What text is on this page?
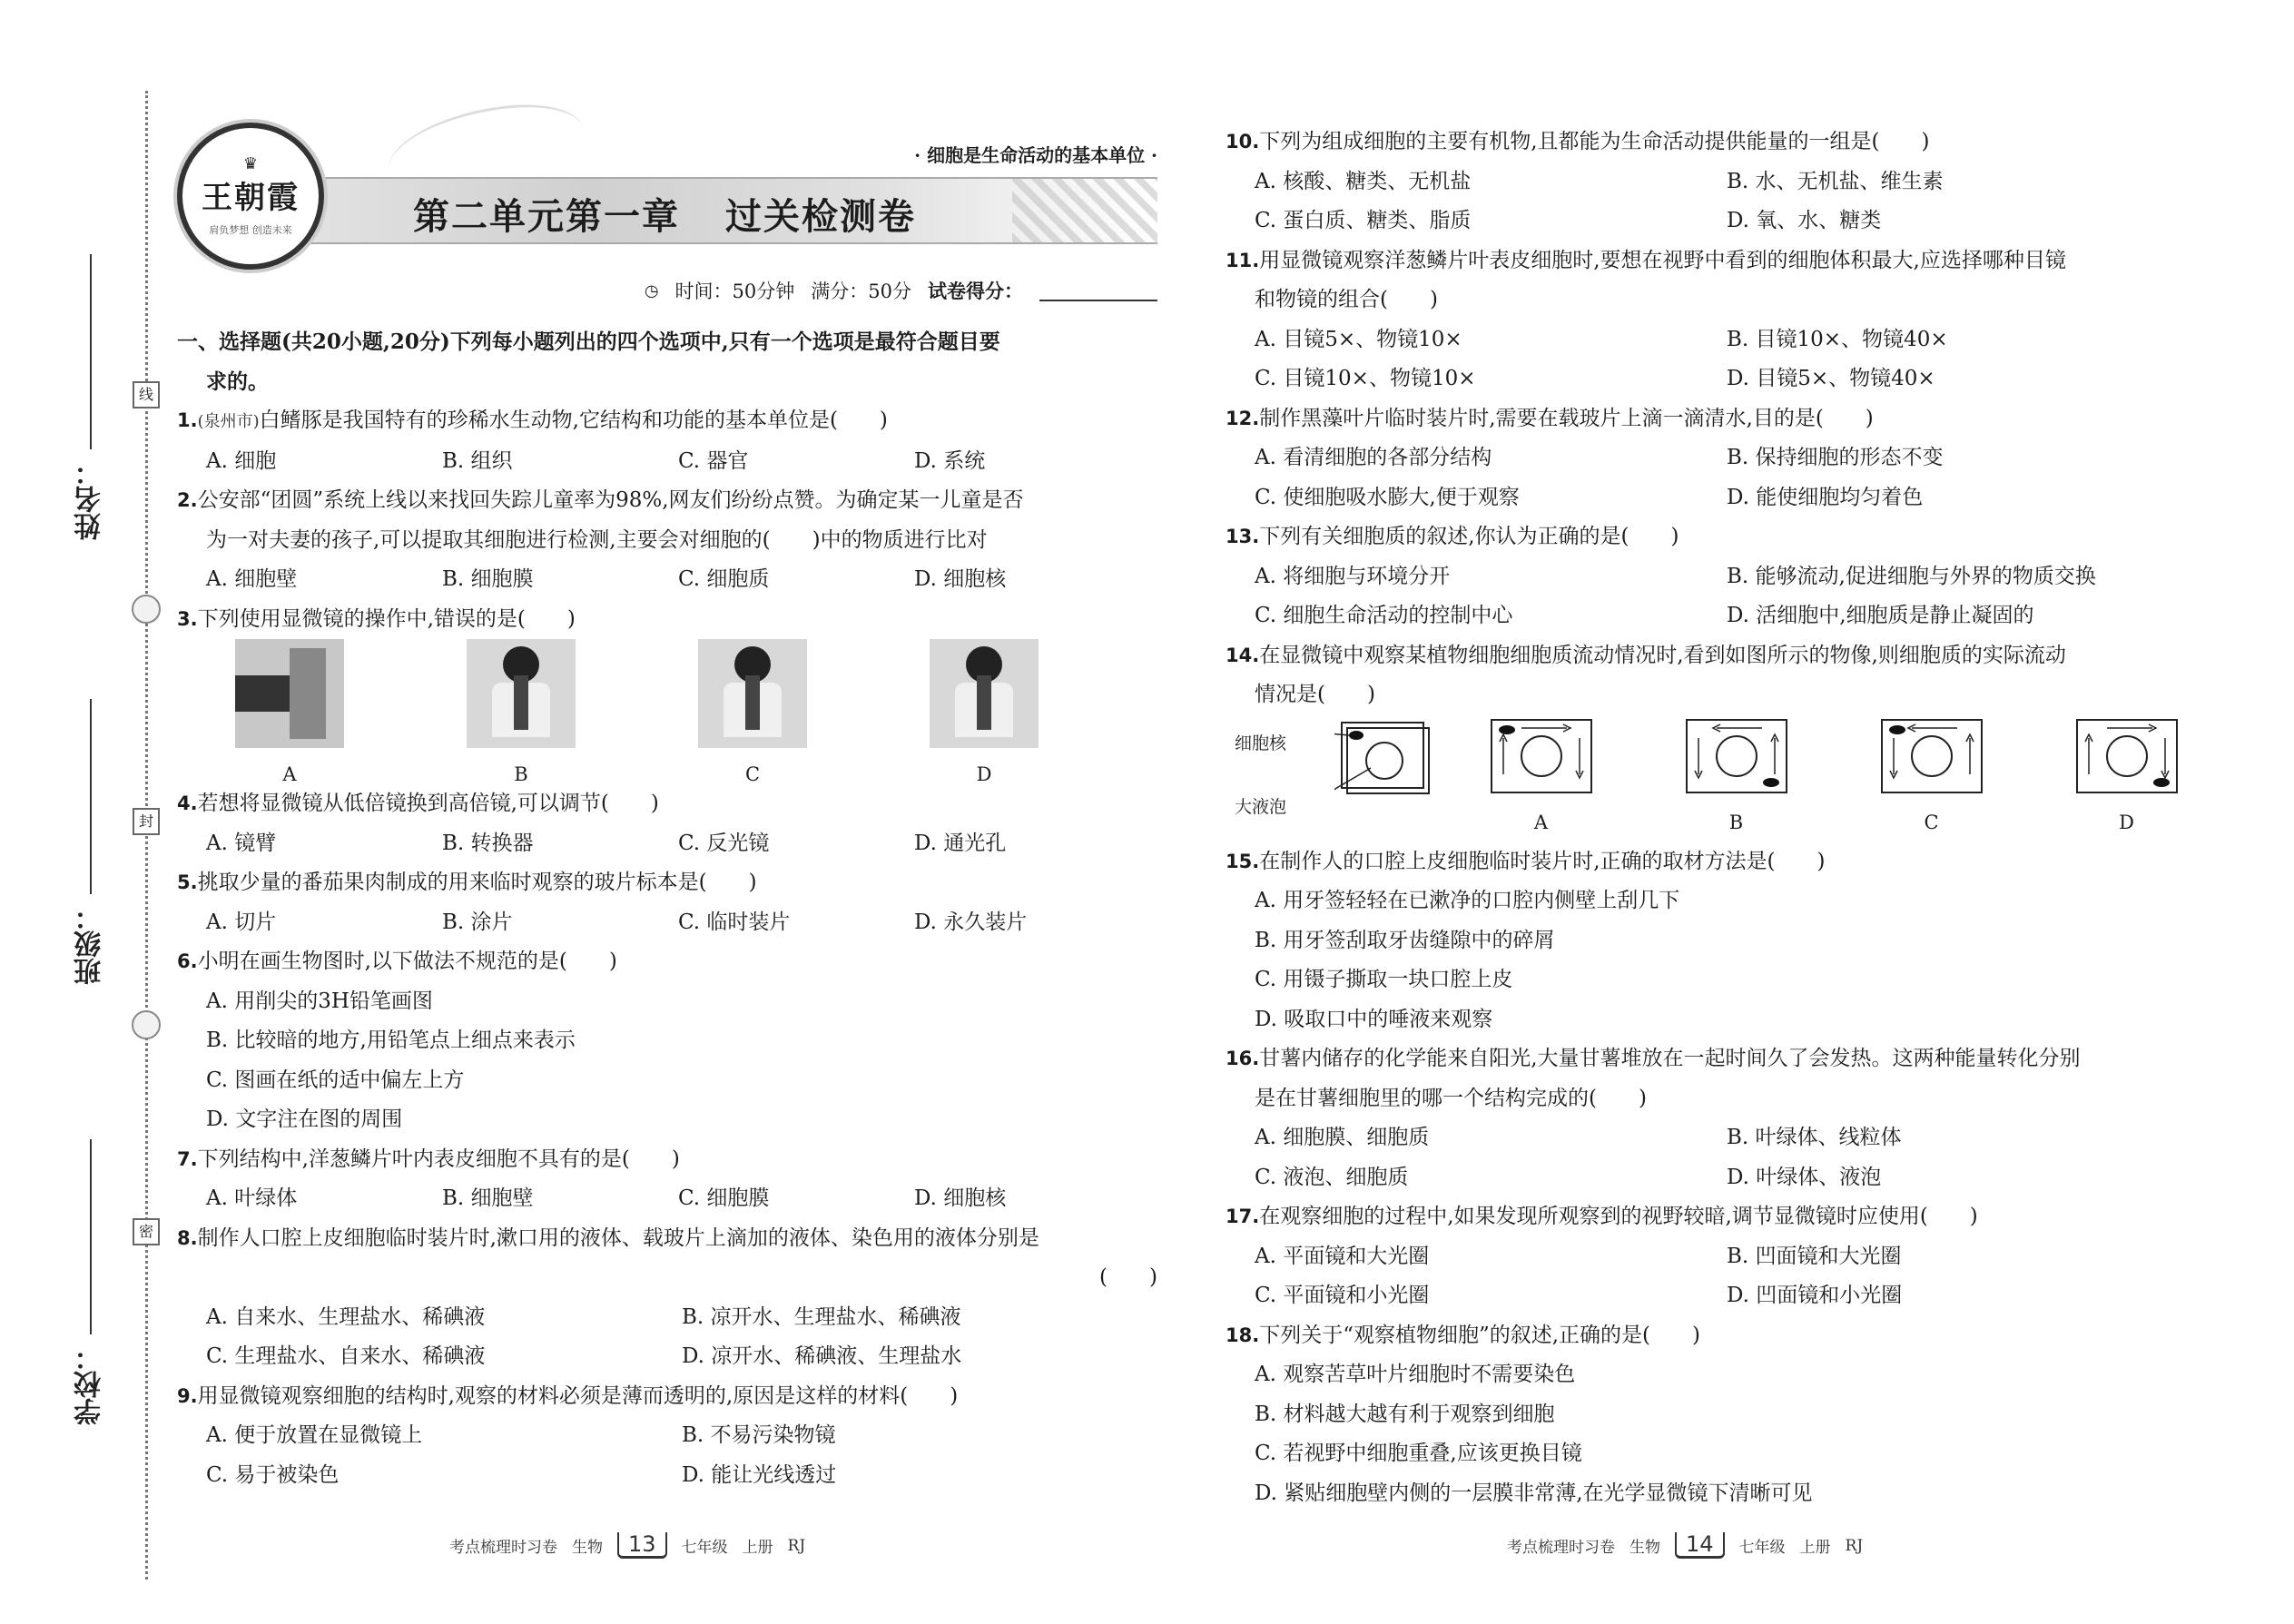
线
封
密
姓名：
班级：
学校：
♛
王朝霞
肩负梦想 创造未来
· 细胞是生命活动的基本单位 ·
第二单元第一章 过关检测卷
◷ 时间：50分钟 满分：50分 试卷得分：
一、选择题(共20小题,20分)下列每小题列出的四个选项中,只有一个选项是最符合题目要
求的。
1.(泉州市)白鳍豚是我国特有的珍稀水生动物,它结构和功能的基本单位是(　　)
A. 细胞	B. 组织	C. 器官	D. 系统
2.公安部“团圆”系统上线以来找回失踪儿童率为98%,网友们纷纷点赞。为确定某一儿童是否
为一对夫妻的孩子,可以提取其细胞进行检测,主要会对细胞的(　　)中的物质进行比对
A. 细胞壁	B. 细胞膜	C. 细胞质	D. 细胞核
3.下列使用显微镜的操作中,错误的是(　　)
A	B	C	D
4.若想将显微镜从低倍镜换到高倍镜,可以调节(　　)
A. 镜臂	B. 转换器	C. 反光镜	D. 通光孔
5.挑取少量的番茄果肉制成的用来临时观察的玻片标本是(　　)
A. 切片	B. 涂片	C. 临时装片	D. 永久装片
6.小明在画生物图时,以下做法不规范的是(　　)
A. 用削尖的3H铅笔画图
B. 比较暗的地方,用铅笔点上细点来表示
C. 图画在纸的适中偏左上方
D. 文字注在图的周围
7.下列结构中,洋葱鳞片叶内表皮细胞不具有的是(　　)
A. 叶绿体	B. 细胞壁	C. 细胞膜	D. 细胞核
8.制作人口腔上皮细胞临时装片时,漱口用的液体、载玻片上滴加的液体、染色用的液体分别是
(　　)
A. 自来水、生理盐水、稀碘液	B. 凉开水、生理盐水、稀碘液
C. 生理盐水、自来水、稀碘液	D. 凉开水、稀碘液、生理盐水
9.用显微镜观察细胞的结构时,观察的材料必须是薄而透明的,原因是这样的材料(　　)
A. 便于放置在显微镜上	B. 不易污染物镜
C. 易于被染色	D. 能让光线透过
考点梳理时习卷 生物	13	七年级 上册 RJ
10.下列为组成细胞的主要有机物,且都能为生命活动提供能量的一组是(　　)
A. 核酸、糖类、无机盐	B. 水、无机盐、维生素
C. 蛋白质、糖类、脂质	D. 氧、水、糖类
11.用显微镜观察洋葱鳞片叶表皮细胞时,要想在视野中看到的细胞体积最大,应选择哪种目镜
和物镜的组合(　　)
A. 目镜5×、物镜10×	B. 目镜10×、物镜40×
C. 目镜10×、物镜10×	D. 目镜5×、物镜40×
12.制作黑藻叶片临时装片时,需要在载玻片上滴一滴清水,目的是(　　)
A. 看清细胞的各部分结构	B. 保持细胞的形态不变
C. 使细胞吸水膨大,便于观察	D. 能使细胞均匀着色
13.下列有关细胞质的叙述,你认为正确的是(　　)
A. 将细胞与环境分开	B. 能够流动,促进细胞与外界的物质交换
C. 细胞生命活动的控制中心	D. 活细胞中,细胞质是静止凝固的
14.在显微镜中观察某植物细胞细胞质流动情况时,看到如图所示的物像,则细胞质的实际流动
情况是(　　)
细胞核
大液泡
A	B	C	D
15.在制作人的口腔上皮细胞临时装片时,正确的取材方法是(　　)
A. 用牙签轻轻在已漱净的口腔内侧壁上刮几下
B. 用牙签刮取牙齿缝隙中的碎屑
C. 用镊子撕取一块口腔上皮
D. 吸取口中的唾液来观察
16.甘薯内储存的化学能来自阳光,大量甘薯堆放在一起时间久了会发热。这两种能量转化分别
是在甘薯细胞里的哪一个结构完成的(　　)
A. 细胞膜、细胞质	B. 叶绿体、线粒体
C. 液泡、细胞质	D. 叶绿体、液泡
17.在观察细胞的过程中,如果发现所观察到的视野较暗,调节显微镜时应使用(　　)
A. 平面镜和大光圈	B. 凹面镜和大光圈
C. 平面镜和小光圈	D. 凹面镜和小光圈
18.下列关于“观察植物细胞”的叙述,正确的是(　　)
A. 观察苦草叶片细胞时不需要染色
B. 材料越大越有利于观察到细胞
C. 若视野中细胞重叠,应该更换目镜
D. 紧贴细胞壁内侧的一层膜非常薄,在光学显微镜下清晰可见
考点梳理时习卷 生物	14	七年级 上册 RJ
